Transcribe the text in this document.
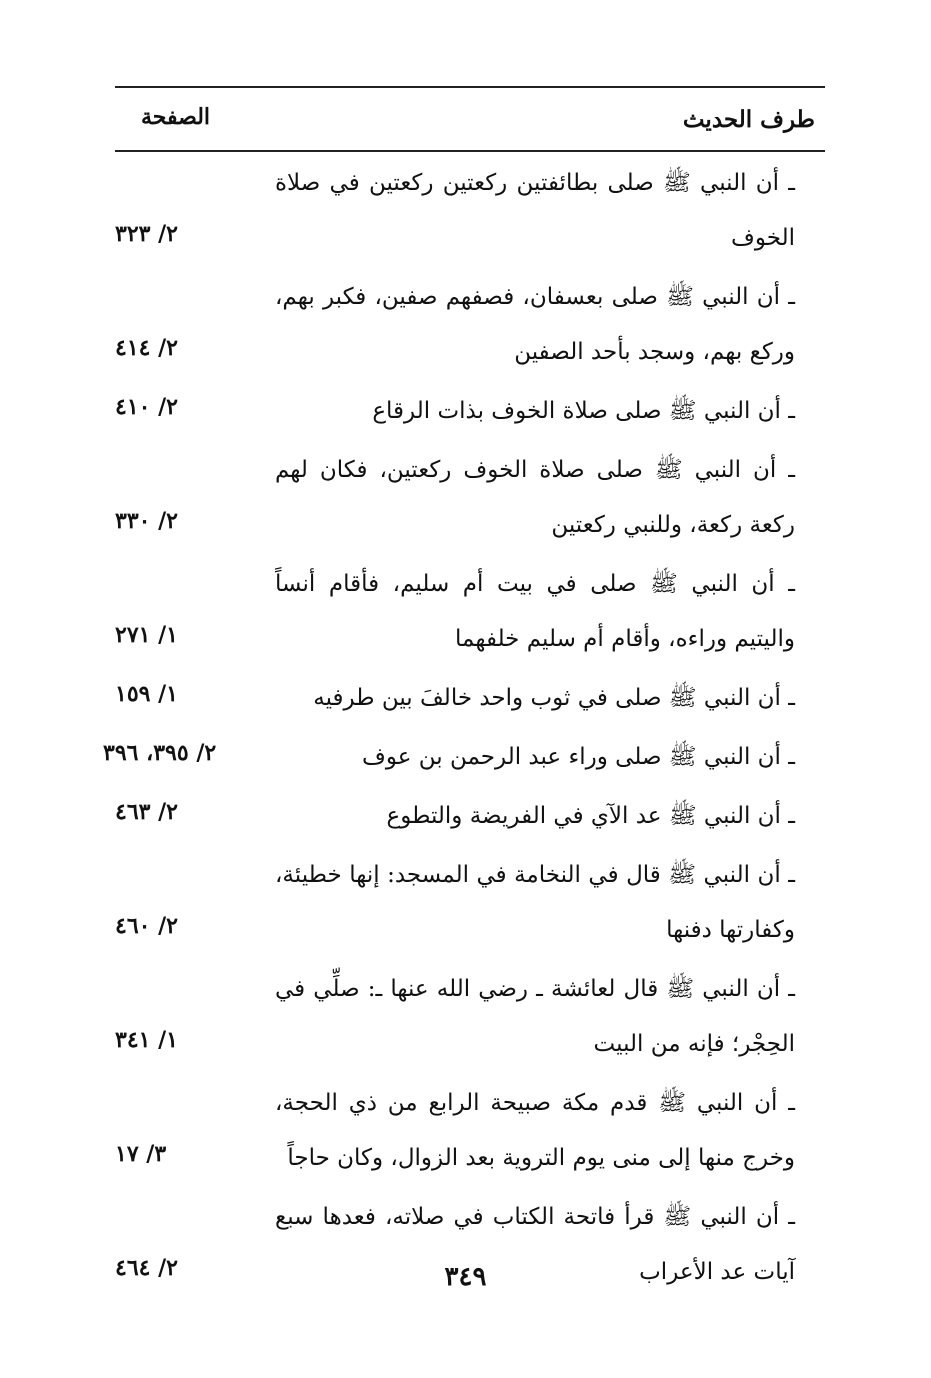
طرف الحديث
الصفحة
ـ أن النبي ﷺ صلى بطائفتين ركعتين ركعتين في صلاة الخوف
٢/ ٣٢٣
ـ أن النبي ﷺ صلى بعسفان، فصفهم صفين، فكبر بهم، وركع بهم، وسجد بأحد الصفين
٢/ ٤١٤
ـ أن النبي ﷺ صلى صلاة الخوف بذات الرقاع
٢/ ٤١٠
ـ أن النبي ﷺ صلى صلاة الخوف ركعتين، فكان لهم ركعة ركعة، وللنبي ركعتين
٢/ ٣٣٠
ـ أن النبي ﷺ صلى في بيت أم سليم، فأقام أنساً واليتيم وراءه، وأقام أم سليم خلفهما
١/ ٢٧١
ـ أن النبي ﷺ صلى في ثوب واحد خالفَ بين طرفيه
١/ ١٥٩
ـ أن النبي ﷺ صلى وراء عبد الرحمن بن عوف
٢/ ٣٩٥، ٣٩٦
ـ أن النبي ﷺ عد الآي في الفريضة والتطوع
٢/ ٤٦٣
ـ أن النبي ﷺ قال في النخامة في المسجد: إنها خطيئة، وكفارتها دفنها
٢/ ٤٦٠
ـ أن النبي ﷺ قال لعائشة ـ رضي الله عنها ـ: صلِّي في الحِجْر؛ فإنه من البيت
١/ ٣٤١
ـ أن النبي ﷺ قدم مكة صبيحة الرابع من ذي الحجة، وخرج منها إلى منى يوم التروية بعد الزوال، وكان حاجاً
٣/ ١٧
ـ أن النبي ﷺ قرأ فاتحة الكتاب في صلاته، فعدها سبع آيات عد الأعراب
٢/ ٤٦٤	٣٤٩
